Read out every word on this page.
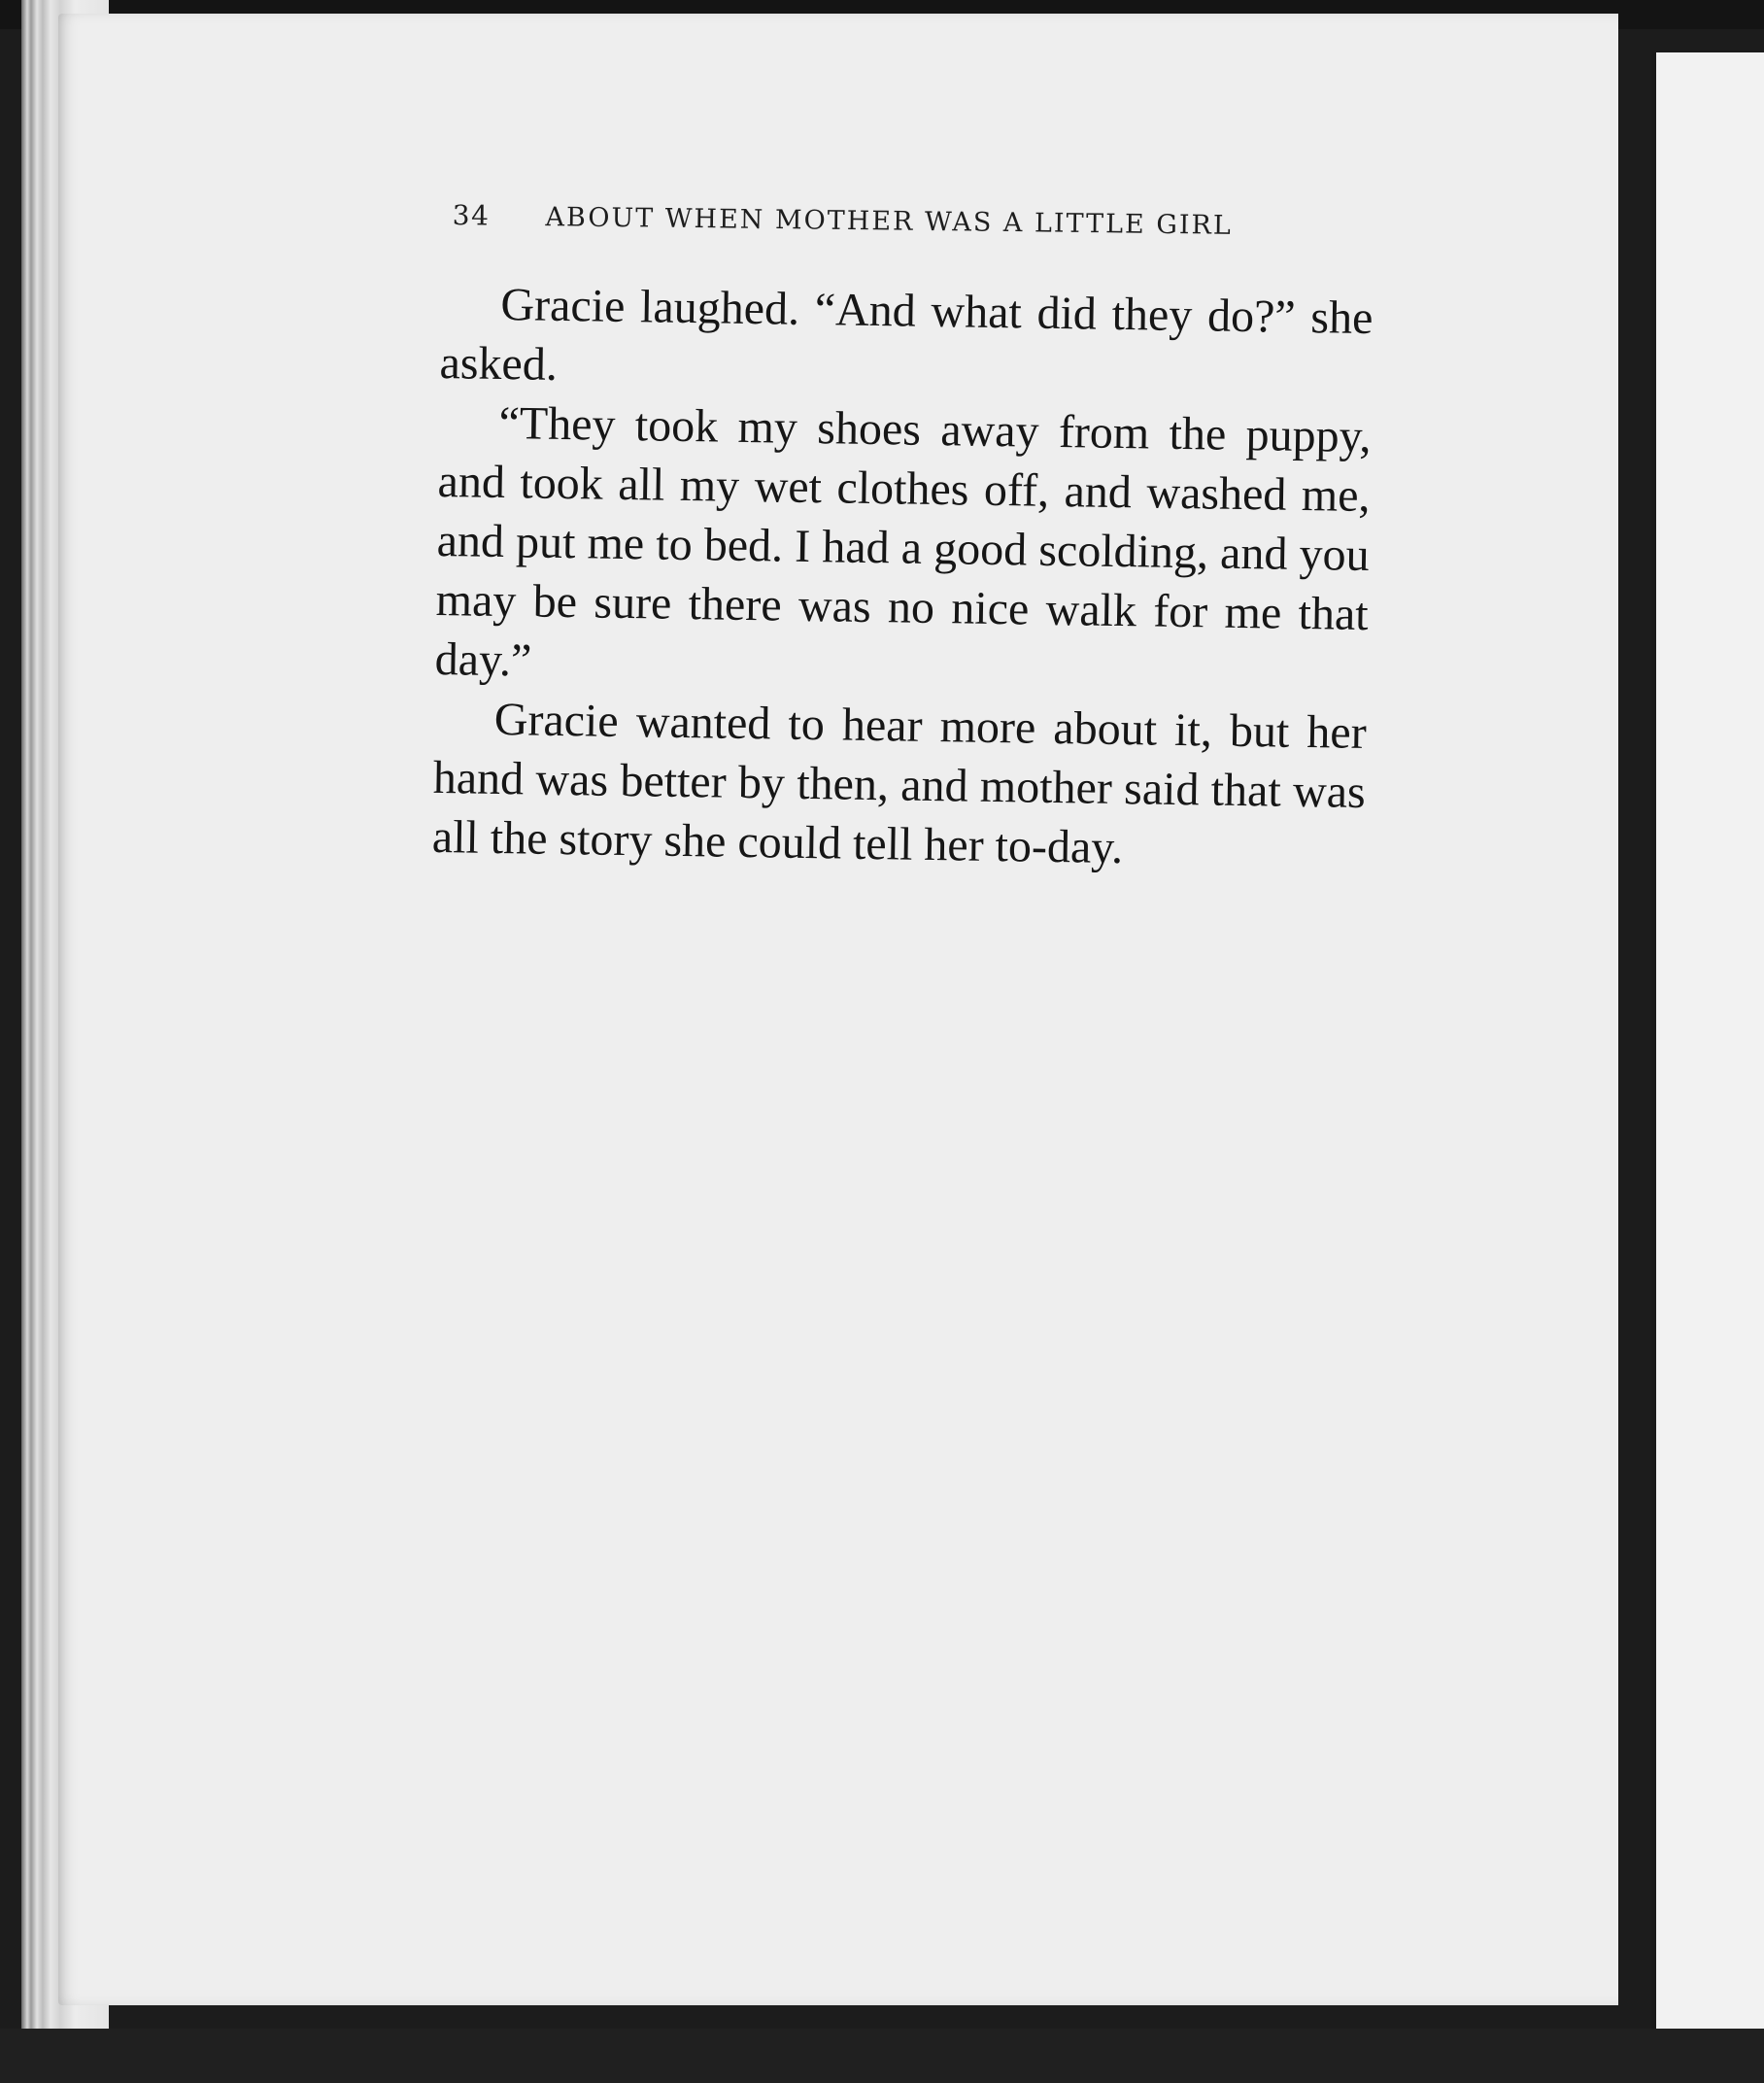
34 ABOUT WHEN MOTHER WAS A LITTLE GIRL

Gracie laughed. “And what did they do?” she asked.

“They took my shoes away from the puppy, and took all my wet clothes off, and washed me, and put me to bed. I had a good scolding, and you may be sure there was no nice walk for me that day.”

Gracie wanted to hear more about it, but her hand was better by then, and mother said that was all the story she could tell her to-day.
